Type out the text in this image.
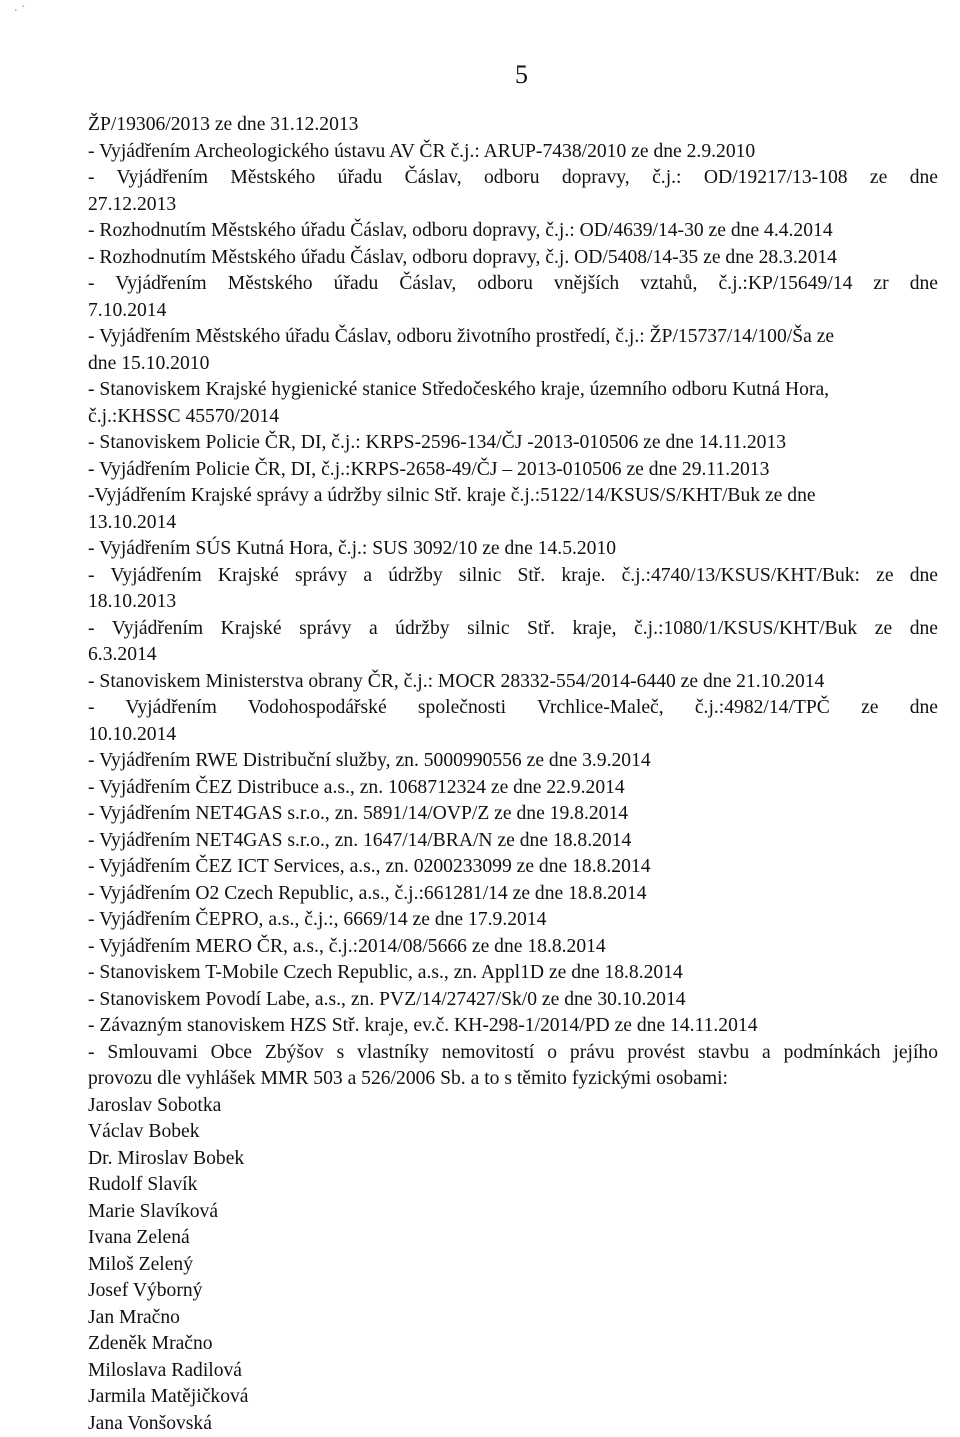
. ·
5
ŽP/19306/2013 ze dne 31.12.2013
- Vyjádřením Archeologického ústavu AV ČR č.j.: ARUP-7438/2010 ze dne 2.9.2010
- Vyjádřením Městského úřadu Čáslav, odboru dopravy, č.j.: OD/19217/13-108 ze dne
27.12.2013
- Rozhodnutím Městského úřadu Čáslav, odboru dopravy, č.j.: OD/4639/14-30 ze dne 4.4.2014
- Rozhodnutím Městského úřadu Čáslav, odboru dopravy, č.j. OD/5408/14-35 ze dne 28.3.2014
- Vyjádřením Městského úřadu Čáslav, odboru vnějších vztahů, č.j.:KP/15649/14 zr dne
7.10.2014
- Vyjádřením Městského úřadu Čáslav, odboru životního prostředí, č.j.: ŽP/15737/14/100/Ša ze
dne 15.10.2010
- Stanoviskem Krajské hygienické stanice Středočeského kraje, územního odboru Kutná Hora,
č.j.:KHSSC 45570/2014
- Stanoviskem Policie ČR, DI, č.j.: KRPS-2596-134/ČJ -2013-010506 ze dne 14.11.2013
- Vyjádřením Policie ČR, DI, č.j.:KRPS-2658-49/ČJ – 2013-010506 ze dne 29.11.2013
-Vyjádřením Krajské správy a údržby silnic Stř. kraje č.j.:5122/14/KSUS/S/KHT/Buk ze dne
13.10.2014
- Vyjádřením SÚS Kutná Hora, č.j.: SUS 3092/10 ze dne 14.5.2010
- Vyjádřením Krajské správy a údržby silnic Stř. kraje. č.j.:4740/13/KSUS/KHT/Buk: ze dne
18.10.2013
- Vyjádřením Krajské správy a údržby silnic Stř. kraje, č.j.:1080/1/KSUS/KHT/Buk ze dne
6.3.2014
- Stanoviskem Ministerstva obrany ČR, č.j.: MOCR 28332-554/2014-6440 ze dne 21.10.2014
- Vyjádřením Vodohospodářské společnosti Vrchlice-Maleč, č.j.:4982/14/TPČ ze dne
10.10.2014
- Vyjádřením RWE Distribuční služby, zn. 5000990556 ze dne 3.9.2014
- Vyjádřením ČEZ Distribuce a.s., zn. 1068712324 ze dne 22.9.2014
- Vyjádřením NET4GAS s.r.o., zn. 5891/14/OVP/Z ze dne 19.8.2014
- Vyjádřením NET4GAS s.r.o., zn. 1647/14/BRA/N ze dne 18.8.2014
- Vyjádřením ČEZ ICT Services, a.s., zn. 0200233099 ze dne 18.8.2014
- Vyjádřením O2 Czech Republic, a.s., č.j.:661281/14 ze dne 18.8.2014
- Vyjádřením ČEPRO, a.s., č.j.:, 6669/14 ze dne 17.9.2014
- Vyjádřením MERO ČR, a.s., č.j.:2014/08/5666 ze dne 18.8.2014
- Stanoviskem T-Mobile Czech Republic, a.s., zn. Appl1D ze dne 18.8.2014
- Stanoviskem Povodí Labe, a.s., zn. PVZ/14/27427/Sk/0 ze dne 30.10.2014
- Závazným stanoviskem HZS Stř. kraje, ev.č. KH-298-1/2014/PD ze dne 14.11.2014
- Smlouvami Obce Zbýšov s vlastníky nemovitostí o právu provést stavbu a podmínkách jejího
provozu dle vyhlášek MMR 503 a 526/2006 Sb. a to s těmito fyzickými osobami:
Jaroslav Sobotka
Václav Bobek
Dr. Miroslav Bobek
Rudolf Slavík
Marie Slavíková
Ivana Zelená
Miloš Zelený
Josef Výborný
Jan Mračno
Zdeněk Mračno
Miloslava Radilová
Jarmila Matějičková
Jana Vonšovská
